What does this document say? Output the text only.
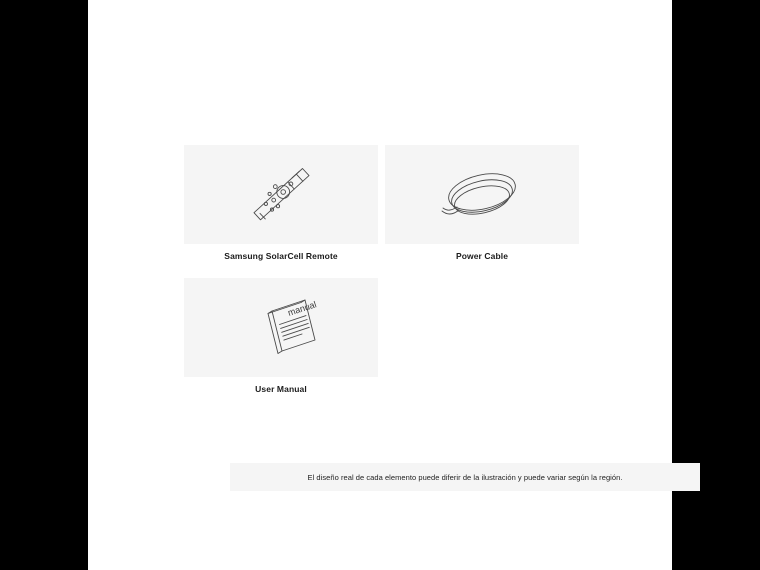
Samsung SolarCell Remote	Power Cable
manual
User Manual
El diseño real de cada elemento puede diferir de la ilustración y puede variar según la región.
